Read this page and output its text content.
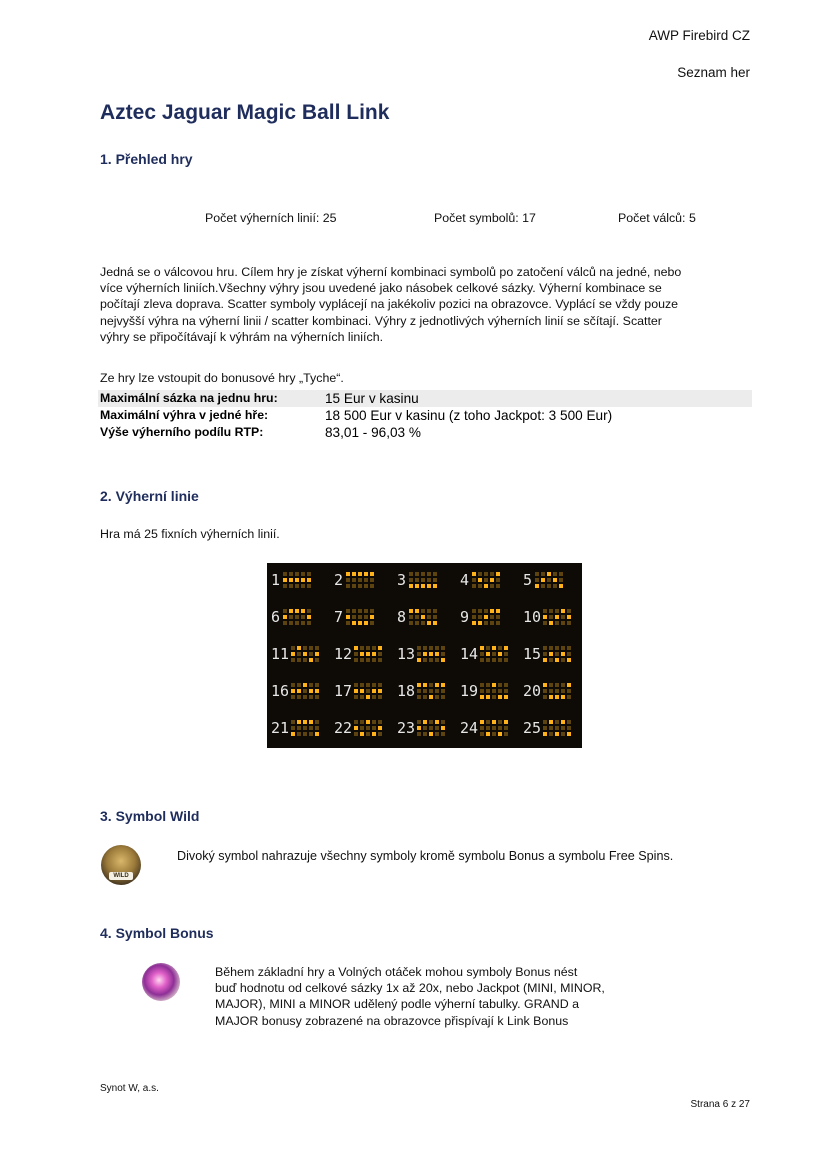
AWP Firebird CZ
Seznam her
Aztec Jaguar Magic Ball Link
1. Přehled hry
Počet výherních linií: 25	Počet symbolů: 17	Počet válců: 5

Jedná se o válcovou hru. Cílem hry je získat výherní kombinaci symbolů po zatočení válců na jedné, nebo

více výherních liniích.Všechny výhry jsou uvedené jako násobek celkové sázky. Výherní kombinace se

počítají zleva doprava. Scatter symboly vyplácejí na jakékoliv pozici na obrazovce. Vyplácí se vždy pouze

nejvyšší výhra na výherní linii / scatter kombinaci. Výhry z jednotlivých výherních linií se sčítají. Scatter

výhry se připočítávají k výhrám na výherních liniích.

Ze hry lze vstoupit do bonusové hry „Tyche“.
Maximální sázka na jednu hru:	15 Eur v kasinu
Maximální výhra v jedné hře:	18 500 Eur v kasinu (z toho Jackpot: 3 500 Eur)
Výše výherního podílu RTP:	83,01 - 96,03 %
2. Výherní linie
Hra má 25 fixních výherních linií.
1	2	3	4	5
6	7	8	9	10
11	12	13	14	15
16	17	18	19	20
21	22	23	24	25
3. Symbol Wild
WILD
Divoký symbol nahrazuje všechny symboly kromě symbolu Bonus a symbolu Free Spins.
4. Symbol Bonus
Během základní hry a Volných otáček mohou symboly Bonus nést
buď hodnotu od celkové sázky 1x až 20x, nebo Jackpot (MINI, MINOR,
MAJOR), MINI a MINOR udělený podle výherní tabulky. GRAND a
MAJOR bonusy zobrazené na obrazovce přispívají k Link Bonus
Synot W, a.s.
Strana 6 z 27
